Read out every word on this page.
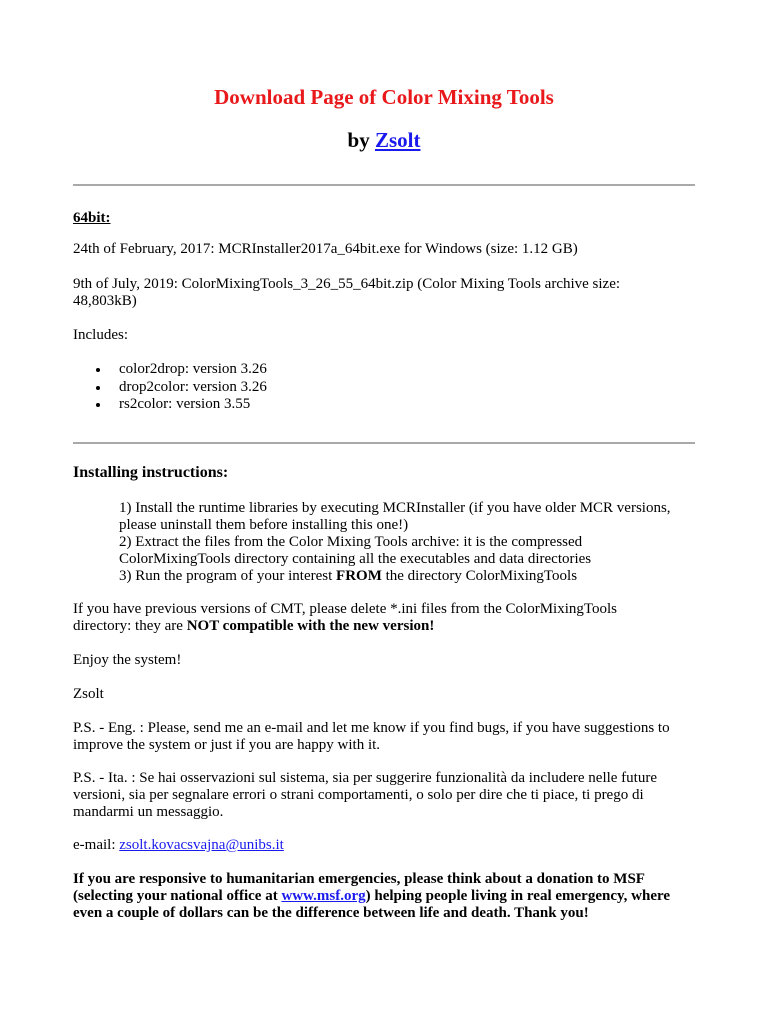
Download Page of Color Mixing Tools
by Zsolt
64bit:
24th of February, 2017: MCRInstaller2017a_64bit.exe for Windows (size: 1.12 GB)
9th of July, 2019: ColorMixingTools_3_26_55_64bit.zip (Color Mixing Tools archive size:
48,803kB)
Includes:
color2drop: version 3.26
drop2color: version 3.26
rs2color: version 3.55
Installing instructions:
1) Install the runtime libraries by executing MCRInstaller (if you have older MCR versions,
please uninstall them before installing this one!)
2) Extract the files from the Color Mixing Tools archive: it is the compressed
ColorMixingTools directory containing all the executables and data directories
3) Run the program of your interest FROM the directory ColorMixingTools
If you have previous versions of CMT, please delete *.ini files from the ColorMixingTools
directory: they are NOT compatible with the new version!
Enjoy the system!
Zsolt
P.S. - Eng. : Please, send me an e-mail and let me know if you find bugs, if you have suggestions to
improve the system or just if you are happy with it.
P.S. - Ita. : Se hai osservazioni sul sistema, sia per suggerire funzionalità da includere nelle future
versioni, sia per segnalare errori o strani comportamenti, o solo per dire che ti piace, ti prego di
mandarmi un messaggio.
e-mail: zsolt.kovacsvajna@unibs.it
If you are responsive to humanitarian emergencies, please think about a donation to MSF
(selecting your national office at www.msf.org) helping people living in real emergency, where
even a couple of dollars can be the difference between life and death. Thank you!
